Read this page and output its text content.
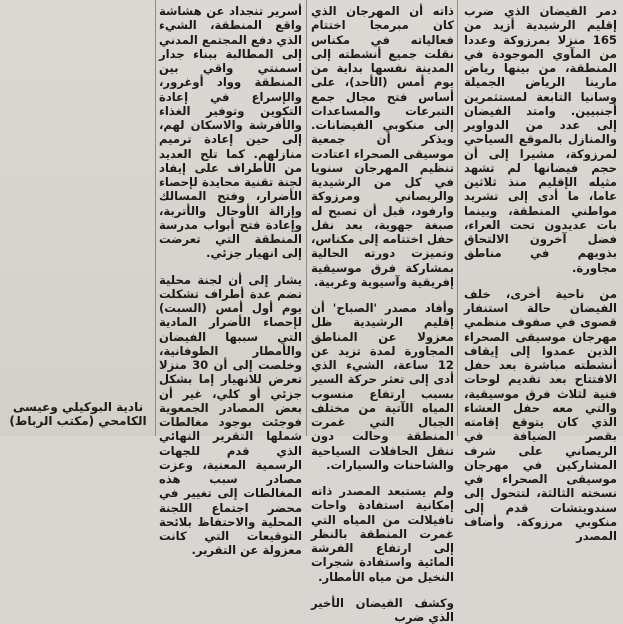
دمر الفيضان الذي ضرب إقليم الرشيدية أزيد من 165 منزلا بمرزوكة وعددا من المآوي الموجودة في المنطقة، من بينها رياض مارينا الرياض الجميلة وسانيا التابعة لمستثمرين أجنبيين. وامتد الفيضان إلى عدد من الدواوير والمنازل بالموقع السياحي لمرزوكة، مشيرا إلى أن حجم فيضانها لم تشهد مثيله الإقليم منذ ثلاثين عاما، ما أدى إلى تشريد مواطني المنطقة، وبينما بات عديدون تحت العراء، فضل آخرون الالتحاق بذويهم في مناطق مجاورة.

من ناحية أخرى، خلف الفيضان حالة استنفار قصوى في صفوف منظمي مهرجان موسيقى الصحراء الذين عمدوا إلى إيقاف أنشطته مباشرة بعد حفل الافتتاح بعد تقديم لوحات فنية لثلاث فرق موسيقية، والتي معه حفل العشاء الذي كان يتوقع إقامته بقصر الضيافة في الريصاني على شرف المشاركين في مهرجان موسيقى الصحراء في نسخته الثالثة، لتتحول إلى سندويتشات قدم إلى منكوبي مرزوكة. وأضاف المصدر

ذاته أن المهرجان الذي كان مبرمجا اختتام فعالياته في مكناس نقلت جميع أنشطته إلى المدينة نفسها بداية من يوم أمس (الأحد)، على أساس فتح مجال جمع التبرعات والمساعدات إلى منكوبي الفيضانات. ويذكر أن جمعية موسيقى الصحراء اعتادت تنظيم المهرجان سنويا في كل من الرشيدية والريصاني ومرزوكة وارفود، قبل أن تصبح له صبغة جهوية، بعد نقل حفل اختتامه إلى مكناس، وتميزت دورته الحالية بمشاركة فرق موسيقية إفريقية وآسيوية وغربية.

وأفاد مصدر 'الصباح' أن إقليم الرشيدية ظل معزولا عن المناطق المجاورة لمدة تزيد عن 12 ساعة، الشيء الذي أدى إلى تعثر حركة السير بسبب ارتفاع منسوب المياه الآتية من مختلف الجبال التي غمرت المنطقة وحالت دون تنقل الحافلات السياحية والشاحنات والسيارات.

ولم يستبعد المصدر ذاته إمكانية استفادة واحات تافيلالت من المياه التي غمرت المنطقة بالنظر إلى ارتفاع الفرشة المائية واستفادة شجرات النخيل من مياه الأمطار.

وكشف الفيضان الأخير الذي ضرب

أسرير تنجداد عن هشاشة واقع المنطقة، الشيء الذي دفع المجتمع المدني إلى المطالبة ببناء جدار اسمنتي واقي بين المنطقة وواد أوغرور، والإسراع في إعادة التكوين وتوفير الغذاء والأفرشة والاسكان لهم، إلى حين إعادة ترميم منازلهم. كما تلح العديد من الأطراف على إيفاد لجنة تقنية محايدة لإحصاء الأضرار، وفتح المسالك وإزالة الأوحال والأتربة، وإعادة فتح أبواب مدرسة المنطقة التي تعرضت إلى انهيار جزئي.

يشار إلى أن لجنة محلية تضم عدة أطراف تشكلت يوم أول أمس (السبت) لإحصاء الأضرار المادية التي سببها الفيضان والأمطار الطوفانية، وخلصت إلى أن 30 منزلا تعرض للانهيار إما بشكل جزئي أو كلي، غير أن بعض المصادر الجمعوية فوجئت بوجود مغالطات شملها التقرير النهائي الذي قدم للجهات الرسمية المعنية، وعزت مصادر سبب هذه المغالطات إلى تغيير في محضر اجتماع اللجنة المحلية والاحتفاظ بلائحة التوقيعات التي كانت معزولة عن التقرير.

نادية البوكيلي وعيسى
الكامحي (مكتب الرباط)
